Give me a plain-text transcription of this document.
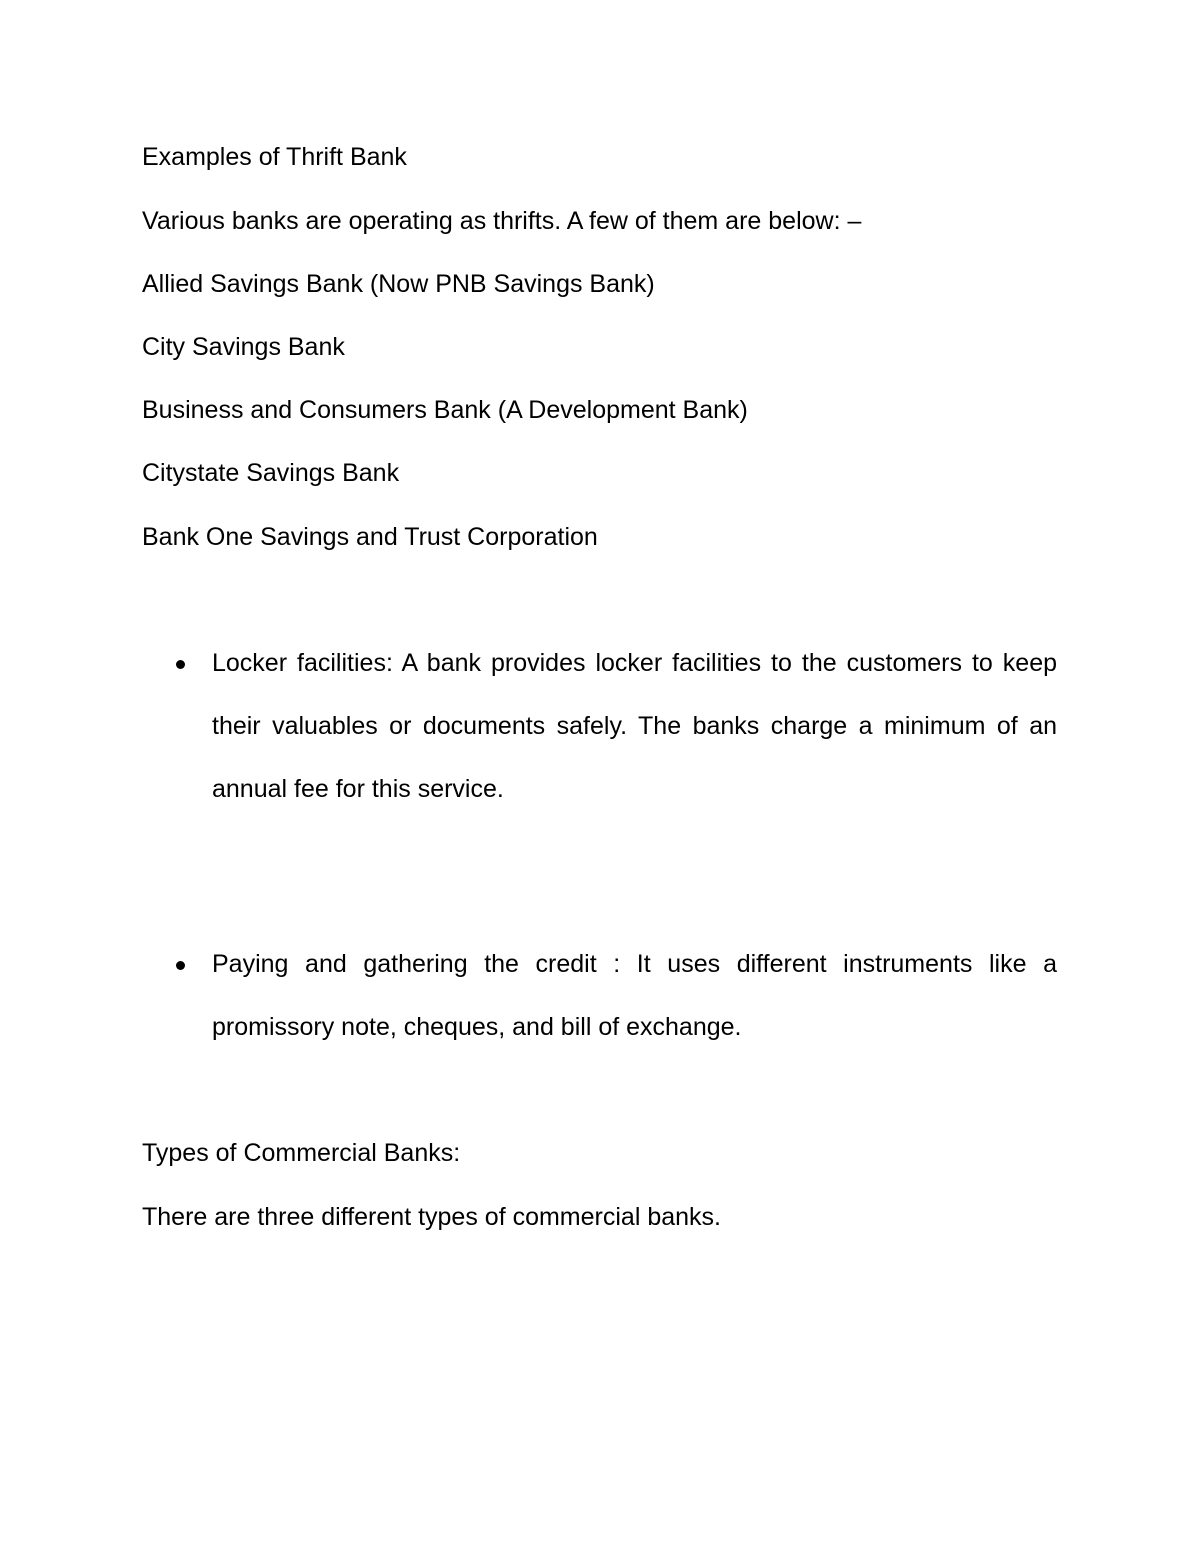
Examples of Thrift Bank
Various banks are operating as thrifts. A few of them are below: –
Allied Savings Bank (Now PNB Savings Bank)
City Savings Bank
Business and Consumers Bank (A Development Bank)
Citystate Savings Bank
Bank One Savings and Trust Corporation
Locker facilities: A bank provides locker facilities to the customers to keep their valuables or documents safely. The banks charge a minimum of an annual fee for this service.
Paying and gathering the credit : It uses different instruments like a promissory note, cheques, and bill of exchange.
Types of Commercial Banks:
There are three different types of commercial banks.
